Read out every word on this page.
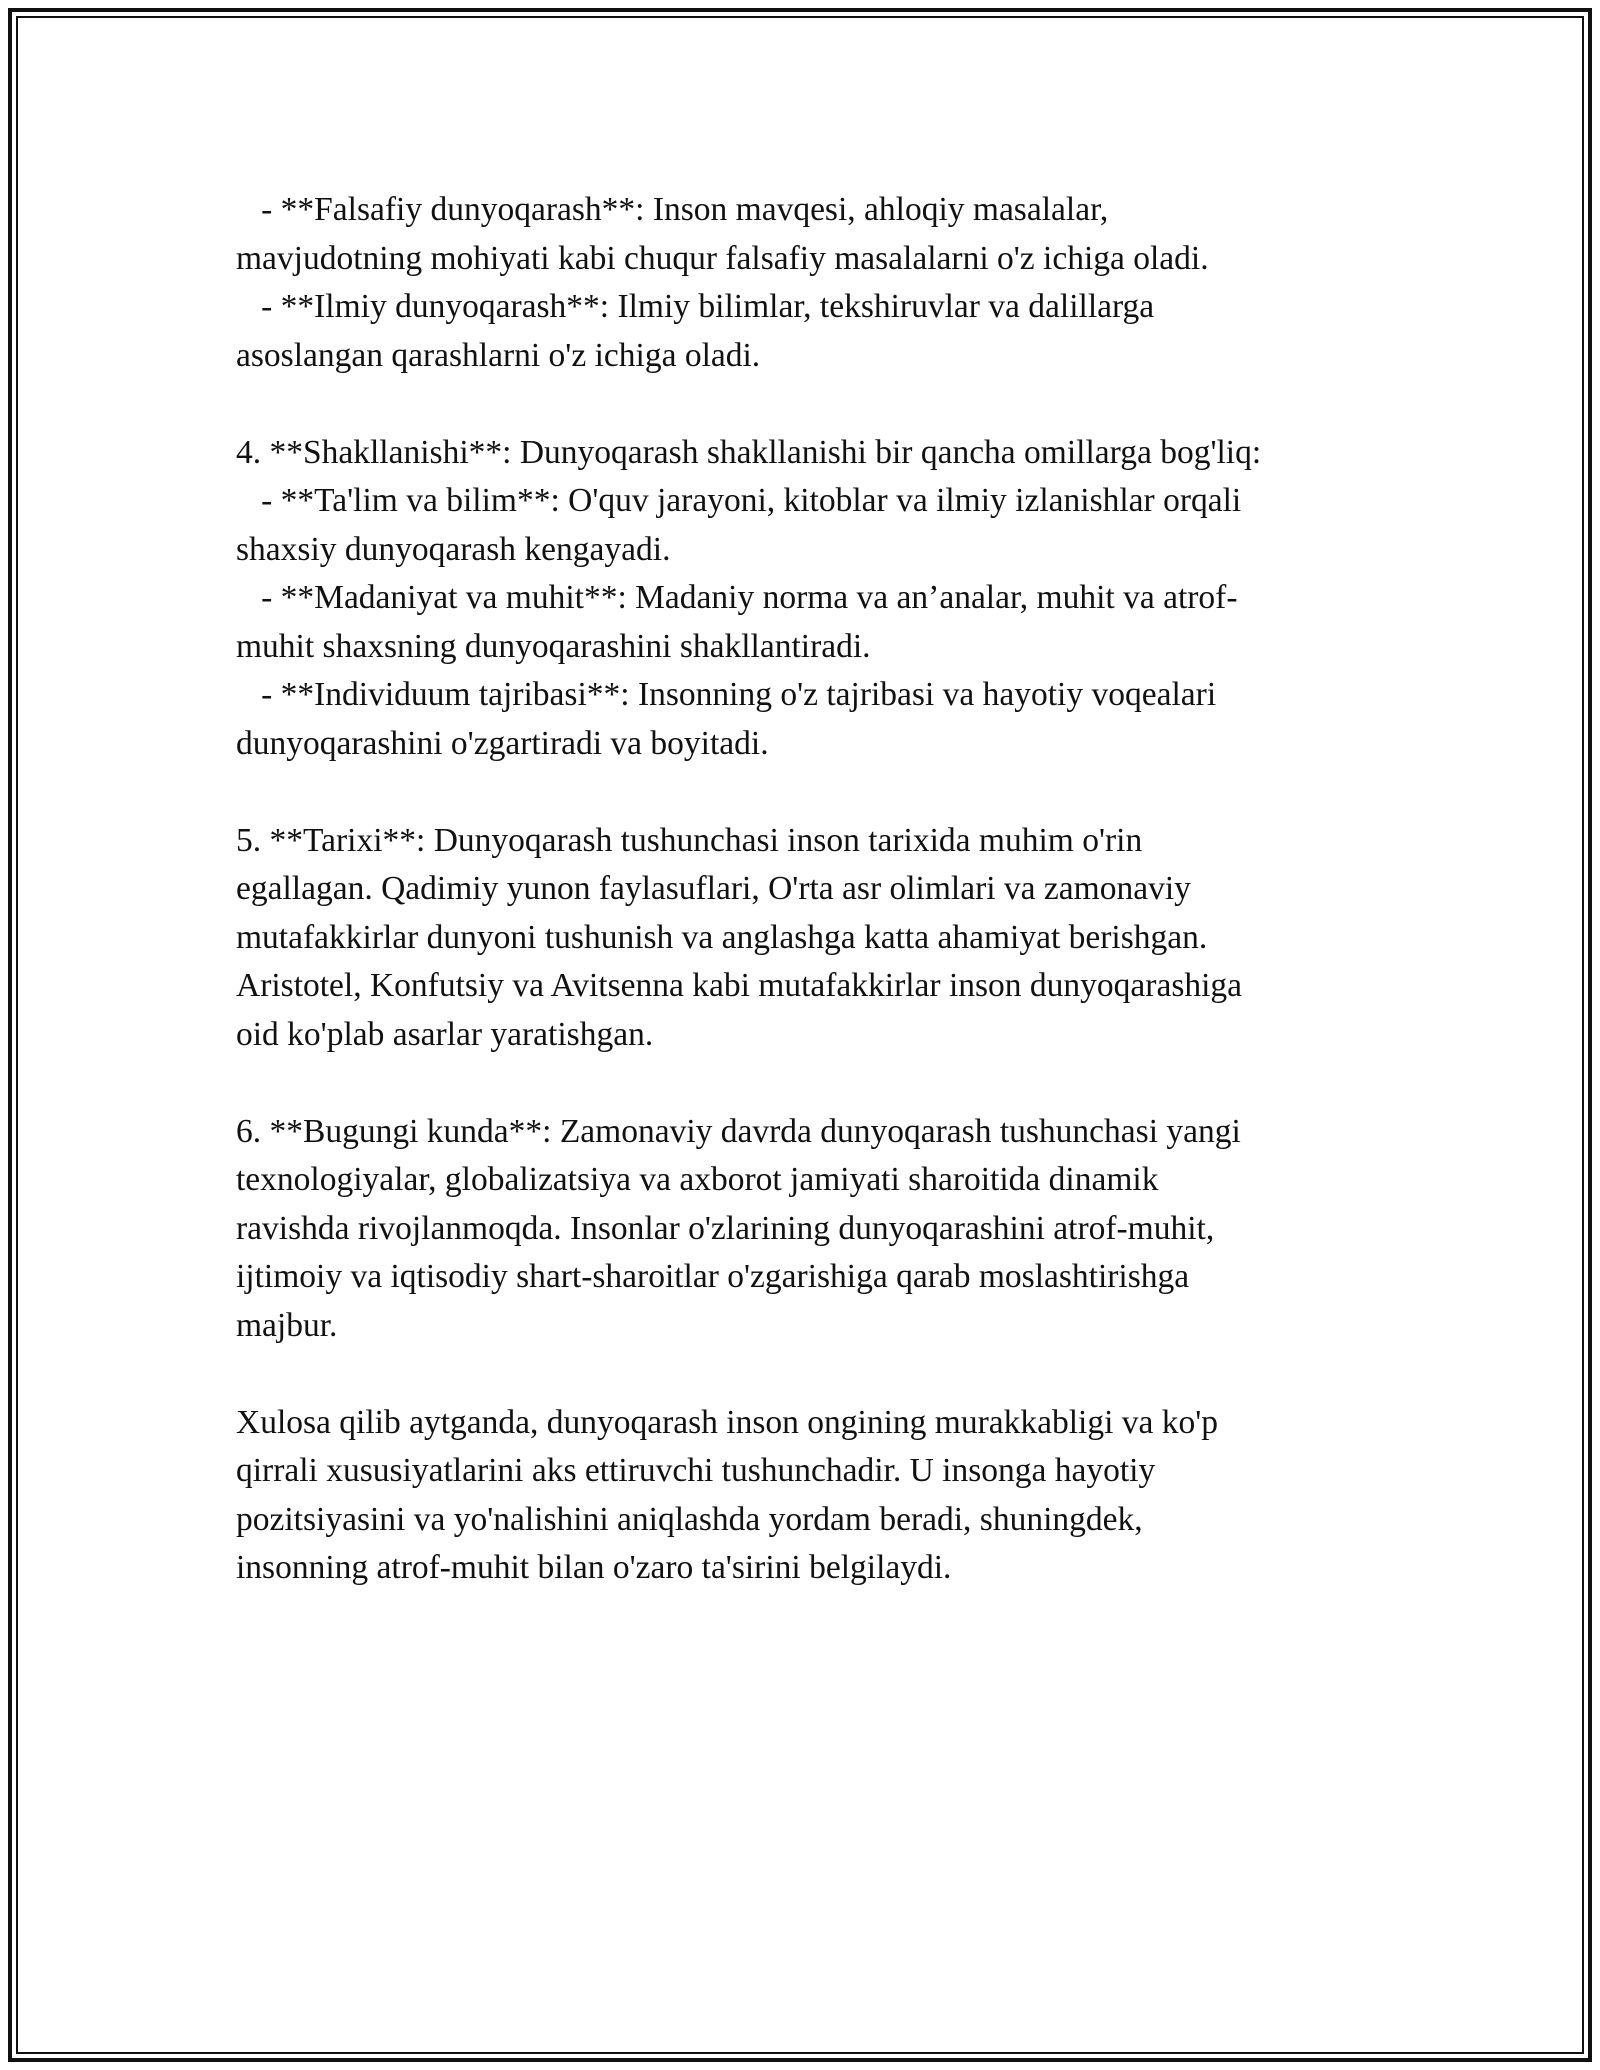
- **Falsafiy dunyoqarash**: Inson mavqesi, ahloqiy masalalar,
mavjudotning mohiyati kabi chuqur falsafiy masalalarni o'z ichiga oladi.
- **Ilmiy dunyoqarash**: Ilmiy bilimlar, tekshiruvlar va dalillarga
asoslangan qarashlarni o'z ichiga oladi.
4. **Shakllanishi**: Dunyoqarash shakllanishi bir qancha omillarga bog'liq:
- **Ta'lim va bilim**: O'quv jarayoni, kitoblar va ilmiy izlanishlar orqali
shaxsiy dunyoqarash kengayadi.
- **Madaniyat va muhit**: Madaniy norma va an’analar, muhit va atrof-
muhit shaxsning dunyoqarashini shakllantiradi.
- **Individuum tajribasi**: Insonning o'z tajribasi va hayotiy voqealari
dunyoqarashini o'zgartiradi va boyitadi.
5. **Tarixi**: Dunyoqarash tushunchasi inson tarixida muhim o'rin
egallagan. Qadimiy yunon faylasuflari, O'rta asr olimlari va zamonaviy
mutafakkirlar dunyoni tushunish va anglashga katta ahamiyat berishgan.
Aristotel, Konfutsiy va Avitsenna kabi mutafakkirlar inson dunyoqarashiga
oid ko'plab asarlar yaratishgan.
6. **Bugungi kunda**: Zamonaviy davrda dunyoqarash tushunchasi yangi
texnologiyalar, globalizatsiya va axborot jamiyati sharoitida dinamik
ravishda rivojlanmoqda. Insonlar o'zlarining dunyoqarashini atrof-muhit,
ijtimoiy va iqtisodiy shart-sharoitlar o'zgarishiga qarab moslashtirishga
majbur.
Xulosa qilib aytganda, dunyoqarash inson ongining murakkabligi va ko'p
qirrali xususiyatlarini aks ettiruvchi tushunchadir. U insonga hayotiy
pozitsiyasini va yo'nalishini aniqlashda yordam beradi, shuningdek,
insonning atrof-muhit bilan o'zaro ta'sirini belgilaydi.
